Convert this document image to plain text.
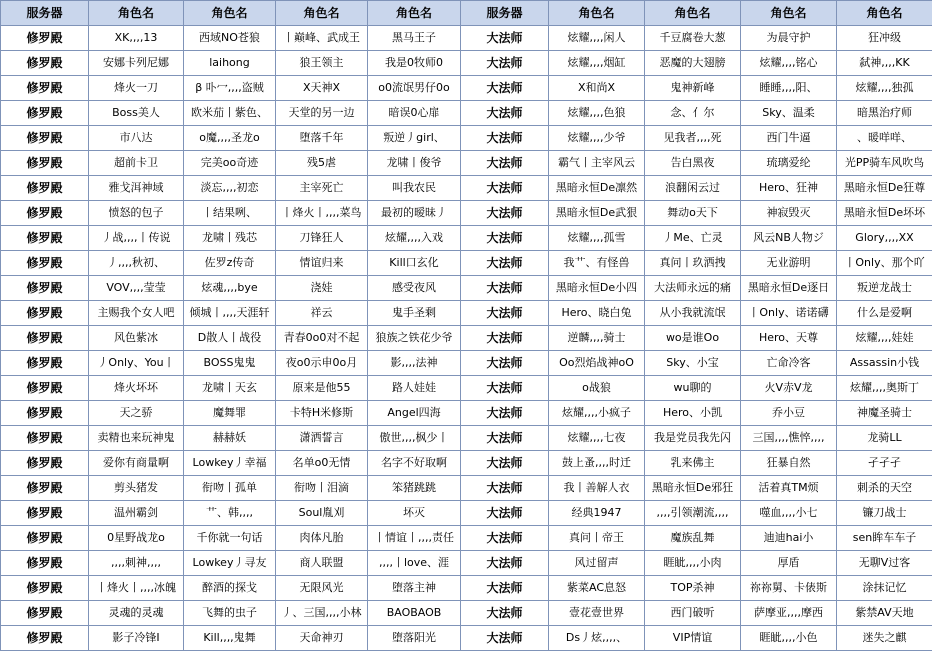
服务器	角色名	角色名	角色名	角色名	服务器	角色名	角色名	角色名	角色名
修罗殿	XK,,,,13	西域NO苍狼	丨巅峰、武成王	黑马王子	大法师	炫耀,,,,闲人	千豆腐卷大葱	为晨守护	狂冲级
修罗殿	安娜卡列尼娜	laihong	狼王领主	我是0牧师0	大法师	炫耀,,,,烟缸	恶魔的大翅膀	炫耀,,,,铭心	弑神,,,,KK
修罗殿	烽火一刀	β 卟冖,,,,盗贼	X天神X	o0流氓男仔0o	大法师	X和尚X	鬼神新峰	睡睡,,,,阳、	炫耀,,,,独孤
修罗殿	Boss美人	欧米茄丨紫色、	天堂的另一边	暗误0心扉	大法师	炫耀,,,,色狼	念、亻尔	Sky、温柔	暗黑治疗师
修罗殿	市八达	o魔,,,,圣龙o	堕落千年	叛逆丿girl、	大法师	炫耀,,,,少爷	见我者,,,,死	西门牛逼	、暖咩咩、
修罗殿	超前卡卫	完美oo奇迹	残5虐	龙啸丨俊爷	大法师	霸气丨主宰风云	告白黑夜	琉璃爱纶	光PP骑车风吹鸟
修罗殿	雅戈洱神域	淡忘,,,,初恋	主宰死亡	叫我农民	大法师	黑暗永恒De凛然	浪翻闲云过	Hero、狂神	黑暗永恒De狂尊
修罗殿	愤怒的包子	丨结果咧、	丨烽火丨,,,,菜鸟	最初的暧昧丿	大法师	黑暗永恒De武狠	舞动o天下	神寂毁灭	黑暗永恒De坏坏
修罗殿	丿战,,,,丨传说	龙啸丨残芯	刀锋狂人	炫耀,,,,入戏	大法师	炫耀,,,,孤雪	丿Me、亡灵	风云NB人物ジ	Glory,,,,XX
修罗殿	丿,,,,秋初、	佐罗z传奇	情谊归来	Kill口玄化	大法师	我艹、有怪兽	真问丨玖洒拽	无业游明	丨Only、那个吖
修罗殿	VOV,,,,莹莹	炫魂,,,,bye	浇娃	感受夜风	大法师	黑暗永恒De小四	大法师永远的痛	黑暗永恒De逐日	叛逆龙战士
修罗殿	主赐我个女人吧	倾城丨,,,,天涯轩	祥云	鬼手圣剩	大法师	Hero、晓白兔	从小我就流氓	丨Only、诺诺礴	什么是爱啊
修罗殿	风色紫冰	D散人丨战役	青春0o0对不起	狼族之铁花少爷	大法师	逆麟,,,,骑士	wo是谁Oo	Hero、天尊	炫耀,,,,娃娃
修罗殿	丿Only、You丨	BOSS鬼鬼	夜o0示申0o月	影,,,,法神	大法师	Oo烈焰战神oO	Sky、小宝	亡命冷客	Assassin小钱
修罗殿	烽火坏坏	龙啸丨天玄	原来是他55	路人娃娃	大法师	o战狼	wu聊的	火V赤V龙	炫耀,,,,奥斯丁
修罗殿	天之骄	魔舞罪	卡特H米修斯	Angel四海	大法师	炫耀,,,,小疯子	Hero、小凯	乔小豆	神魔圣骑士
修罗殿	卖精也来玩神鬼	赫赫妖	潇洒誓言	傲世,,,,枫少丨	大法师	炫耀,,,,七夜	我是党员我先闪	三国,,,,憔悴,,,,	龙骑LL
修罗殿	爱你有商量啊	Lowkey丿幸福	名单o0无情	名字不好取啊	大法师	鼓上蚤,,,,时迁	乳来佛主	狂暴自然	孑孑孑
修罗殿	剪头猪发	衔吻丨孤单	衔吻丨泪滴	笨猪跳跳	大法师	我丨善解人衣	黑暗永恒De邪狂	活着真TM烦	刺杀的天空
修罗殿	温州霸剑	艹、韩,,,,	Soul胤刈	坏灭	大法师	经典1947	,,,,引领潮流,,,,	噬血,,,,小七	镰刀战士
修罗殿	0星野战龙o	千你就一句话	肉体凡胎	丨情谊丨,,,,责任	大法师	真问丨帝王	魔族乱舞	迪迪hai小	sen眸车车子
修罗殿	,,,,刺神,,,,	Lowkey丿寻友	商人联盟	,,,,丨love、涯	大法师	风过留声	睚眦,,,,小肉	厚盾	无聊V过客
修罗殿	丨烽火丨,,,,冰魄	醉酒的探戈	无限风光	堕落主神	大法师	紫菜AC息怒	TOP杀神	祢祢舅、卡俵斯	涂抹记忆
修罗殿	灵魂的灵魂	飞舞的虫子	丿、三国,,,,小林	BAOBAOB	大法师	壹花壹世界	西门破听	萨摩亚,,,,摩西	紫禁AV天地
修罗殿	影子冷锋I	Kill,,,,鬼舞	天命神刃	堕落阳光	大法师	Ds丿炫,,,,、	VIP情谊	睚眦,,,,小色	迷失之麒
